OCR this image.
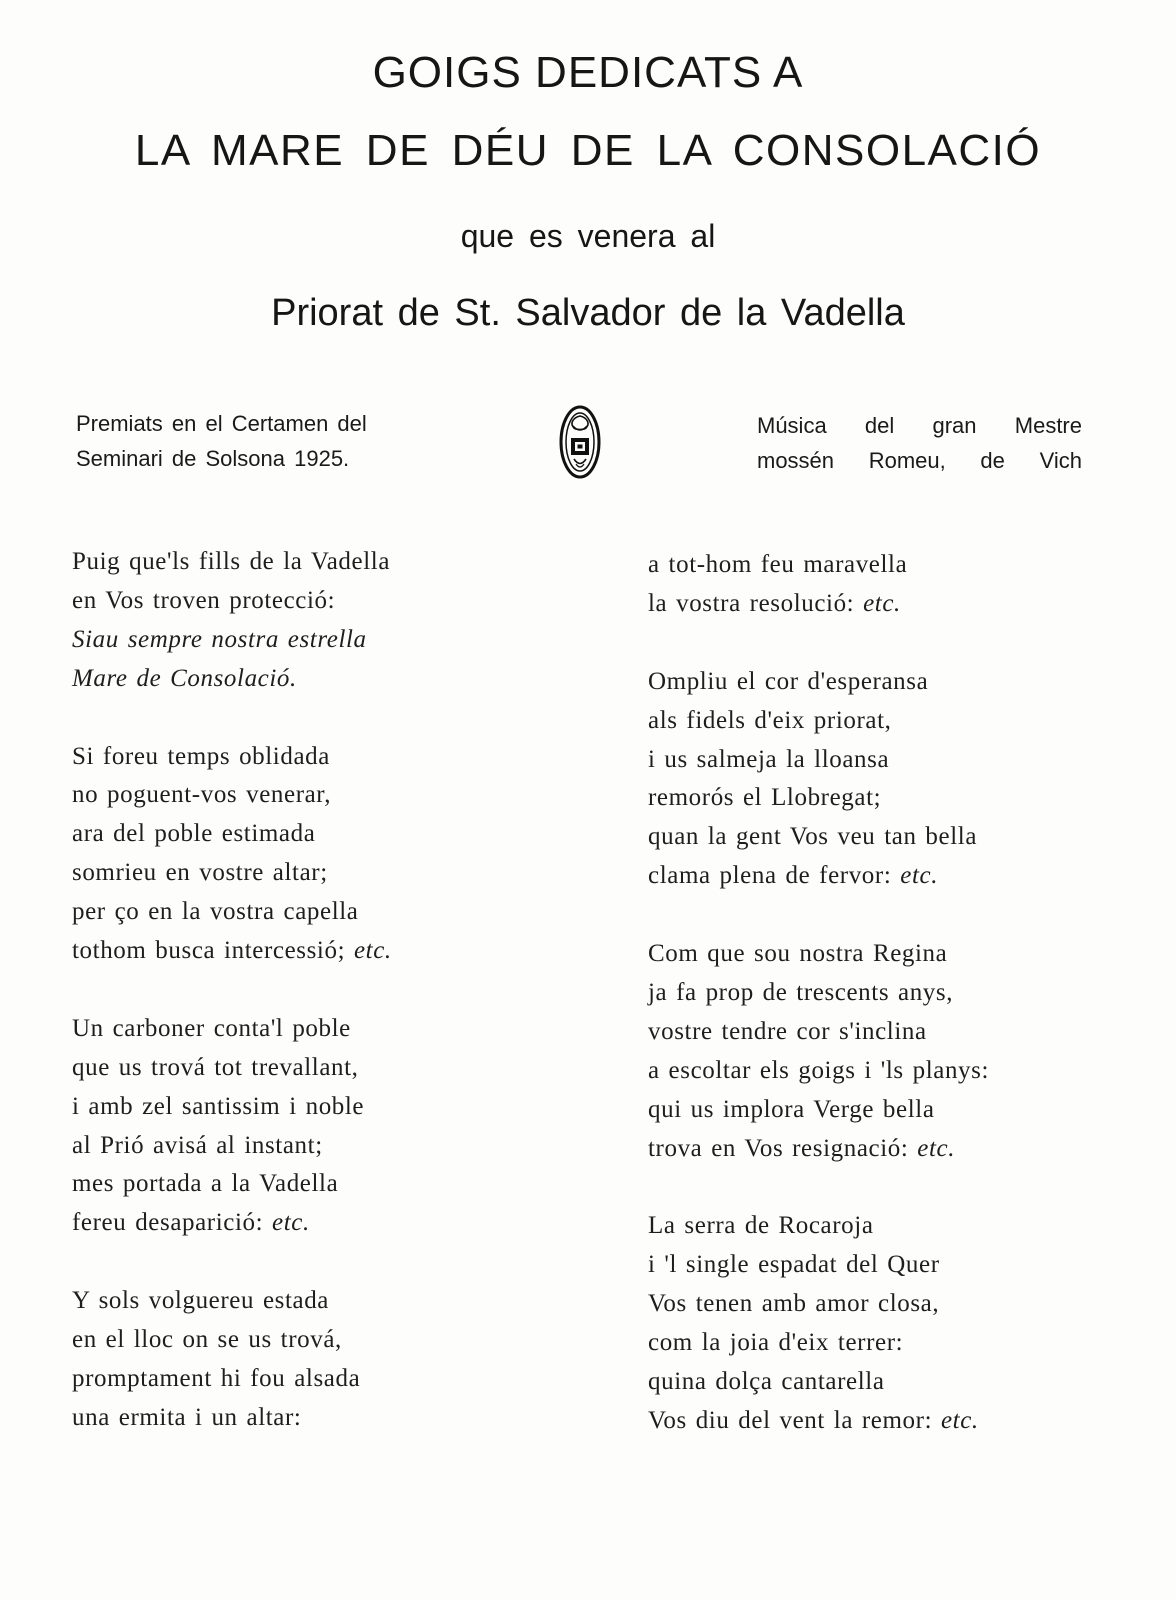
GOIGS DEDICATS A
LA MARE DE DÉU DE LA CONSOLACIÓ
que es venera al
Priorat de St. Salvador de la Vadella
Premiats en el Certamen del
Seminari de Solsona 1925.
Música del gran Mestre
mossén Romeu, de Vich
Puig que'ls fills de la Vadella
en Vos troven protecció:
Siau sempre nostra estrella
Mare de Consolació.
Si foreu temps oblidada
no poguent-vos venerar,
ara del poble estimada
somrieu en vostre altar;
per ço en la vostra capella
tothom busca intercessió; etc.
Un carboner conta'l poble
que us trová tot trevallant,
i amb zel santissim i noble
al Prió avisá al instant;
mes portada a la Vadella
fereu desaparició: etc.
Y sols volguereu estada
en el lloc on se us trová,
promptament hi fou alsada
una ermita i un altar:
a tot-hom feu maravella
la vostra resolució: etc.
Ompliu el cor d'esperansa
als fidels d'eix priorat,
i us salmeja la lloansa
remorós el Llobregat;
quan la gent Vos veu tan bella
clama plena de fervor: etc.
Com que sou nostra Regina
ja fa prop de trescents anys,
vostre tendre cor s'inclina
a escoltar els goigs i 'ls planys:
qui us implora Verge bella
trova en Vos resignació: etc.
La serra de Rocaroja
i 'l single espadat del Quer
Vos tenen amb amor closa,
com la joia d'eix terrer:
quina dolça cantarella
Vos diu del vent la remor: etc.
